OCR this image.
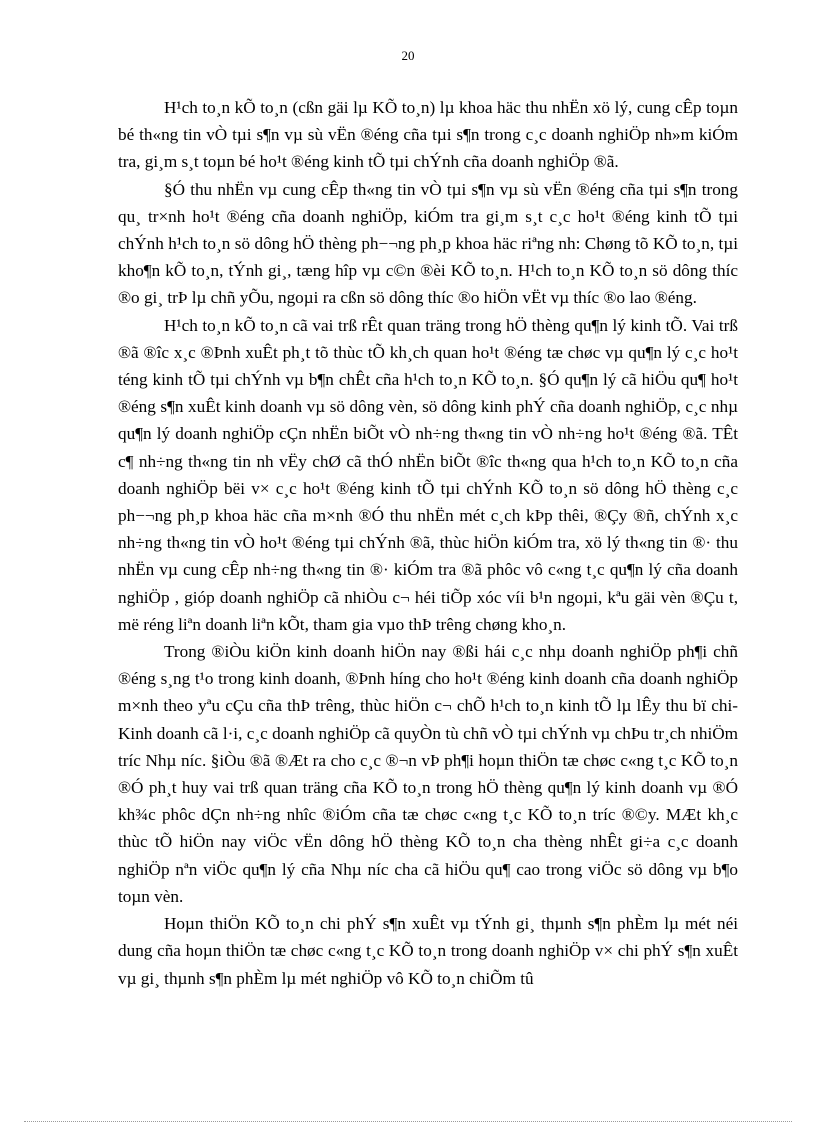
20

H¹ch to¸n kÕ to¸n (cßn gäi lµ KÕ to¸n) lµ khoa häc thu nhËn xö lý, cung cÊp toµn bé th«ng tin vÒ tµi s¶n vµ sù vËn ®éng cña tµi s¶n trong c¸c doanh nghiÖp nh»m kiÓm tra, gi¸m s¸t toµn bé ho¹t ®éng kinh tÕ tµi chÝnh cña doanh nghiÖp ®ã.

§Ó thu nhËn vµ cung cÊp th«ng tin vÒ tµi s¶n vµ sù vËn ®éng cña tµi s¶n trong qu¸ tr×nh ho¹t ®éng cña doanh nghiÖp, kiÓm tra gi¸m s¸t c¸c ho¹t ®éng kinh tÕ tµi chÝnh h¹ch to¸n sö dông hÖ thèng ph−¬ng ph¸p khoa häc riªng nh: Chøng tõ KÕ to¸n, tµi kho¶n kÕ to¸n, tÝnh gi¸, tæng hîp vµ c©n ®èi KÕ to¸n. H¹ch to¸n KÕ to¸n sö dông thíc ®o gi¸ trÞ lµ chñ yÕu, ngoµi ra cßn sö dông thíc ®o hiÖn vËt vµ thíc ®o lao ®éng.

H¹ch to¸n kÕ to¸n cã vai trß rÊt quan träng trong hÖ thèng qu¶n lý kinh tÕ. Vai trß ®ã ®îc x¸c ®Þnh xuÊt ph¸t tõ thùc tÕ kh¸ch quan ho¹t ®éng tæ chøc vµ qu¶n lý c¸c ho¹t téng kinh tÕ tµi chÝnh vµ b¶n chÊt cña h¹ch to¸n KÕ to¸n. §Ó qu¶n lý cã hiÖu qu¶ ho¹t ®éng s¶n xuÊt kinh doanh vµ sö dông vèn, sö dông kinh phÝ cña doanh nghiÖp, c¸c nhµ qu¶n lý doanh nghiÖp cÇn nhËn biÕt vÒ nh÷ng th«ng tin vÒ nh÷ng ho¹t ®éng ®ã. TÊt c¶ nh÷ng th«ng tin nh vËy chØ cã thÓ nhËn biÕt ®îc th«ng qua h¹ch to¸n KÕ to¸n cña doanh nghiÖp bëi v× c¸c ho¹t ®éng kinh tÕ tµi chÝnh KÕ to¸n sö dông hÖ thèng c¸c ph−¬ng ph¸p khoa häc cña m×nh ®Ó thu nhËn mét c¸ch kÞp thêi, ®Çy ®ñ, chÝnh x¸c nh÷ng th«ng tin vÒ ho¹t ®éng tµi chÝnh ®ã, thùc hiÖn kiÓm tra, xö lý th«ng tin ®· thu nhËn vµ cung cÊp nh÷ng th«ng tin ®· kiÓm tra ®ã phôc vô c«ng t¸c qu¶n lý cña doanh nghiÖp , gióp doanh nghiÖp cã nhiÒu c¬ héi tiÕp xóc víi b¹n ngoµi, kªu gäi vèn ®Çu t, më réng liªn doanh liªn kÕt, tham gia vµo thÞ trêng chøng kho¸n.

Trong ®iÒu kiÖn kinh doanh hiÖn nay ®ßi hái c¸c nhµ doanh nghiÖp ph¶i chñ ®éng s¸ng t¹o trong kinh doanh, ®Þnh híng cho ho¹t ®éng kinh doanh cña doanh nghiÖp m×nh theo yªu cÇu cña thÞ trêng, thùc hiÖn c¬ chÕ h¹ch to¸n kinh tÕ lµ lÊy thu bï chi- Kinh doanh cã l·i, c¸c doanh nghiÖp cã quyÒn tù chñ vÒ tµi chÝnh vµ chÞu tr¸ch nhiÖm tríc Nhµ níc. §iÒu ®ã ®Æt ra cho c¸c ®¬n vÞ ph¶i hoµn thiÖn tæ chøc c«ng t¸c KÕ to¸n ®Ó ph¸t huy vai trß quan träng cña KÕ to¸n trong hÖ thèng qu¶n lý kinh doanh vµ ®Ó kh¾c phôc dÇn nh÷ng nhîc ®iÓm cña tæ chøc c«ng t¸c KÕ to¸n tríc ®©y. MÆt kh¸c thùc tÕ hiÖn nay viÖc vËn dông hÖ thèng KÕ to¸n cha thèng nhÊt gi÷a c¸c doanh nghiÖp nªn viÖc qu¶n lý cña Nhµ níc cha cã hiÖu qu¶ cao trong viÖc sö dông vµ b¶o toµn vèn.

Hoµn thiÖn KÕ to¸n chi phÝ s¶n xuÊt vµ tÝnh gi¸ thµnh s¶n phÈm lµ mét néi dung cña hoµn thiÖn tæ chøc c«ng t¸c KÕ to¸n trong doanh nghiÖp v× chi phÝ s¶n xuÊt vµ gi¸ thµnh s¶n phÈm lµ mét nghiÖp vô KÕ to¸n chiÕm tû
